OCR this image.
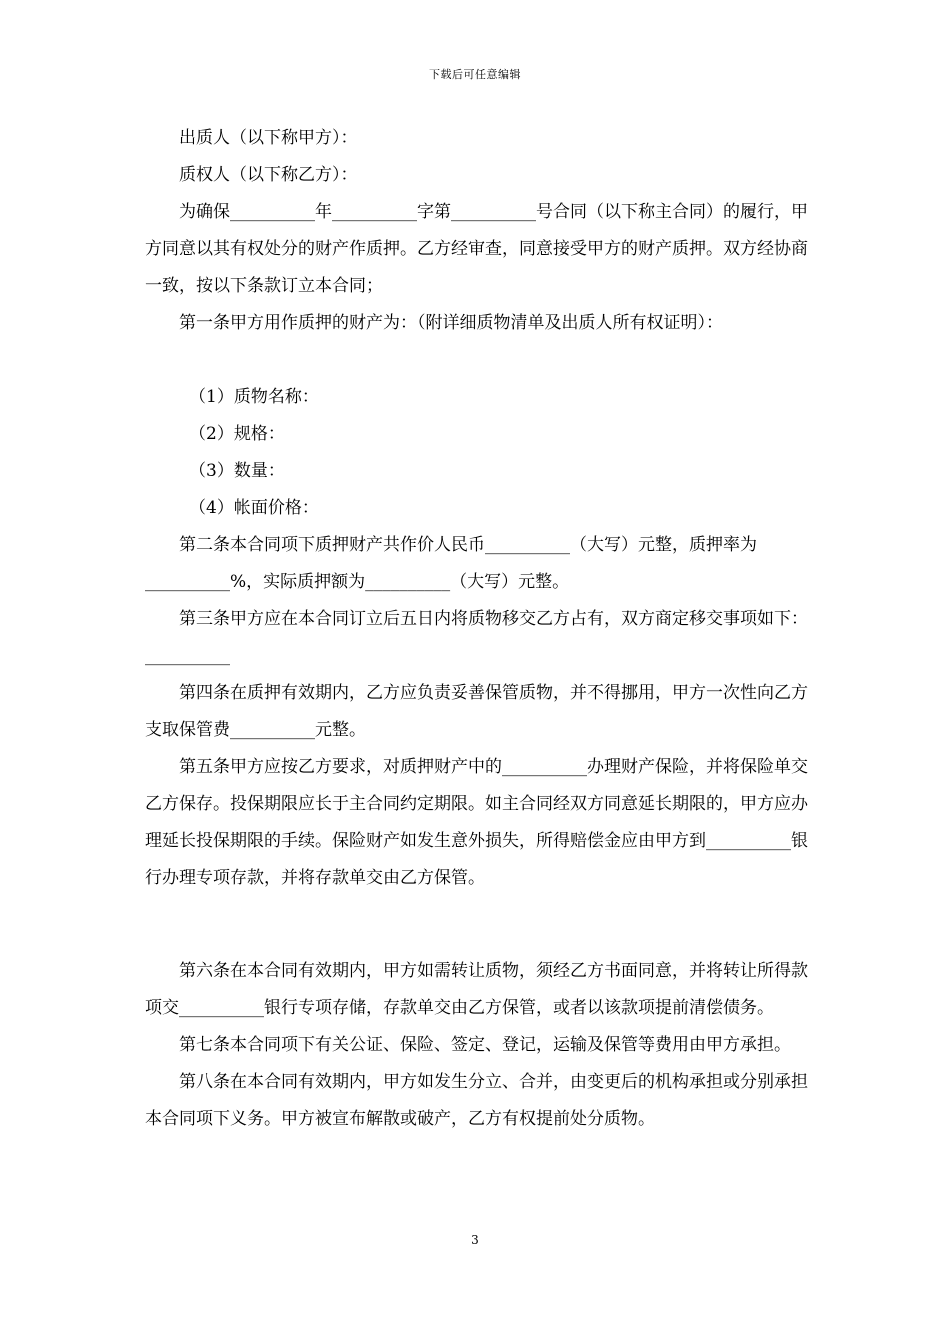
下载后可任意编辑

出质人（以下称甲方）：

质权人（以下称乙方）：

为确保__________年__________字第__________号合同（以下称主合同）的履行，甲方同意以其有权处分的财产作质押。乙方经审查，同意接受甲方的财产质押。双方经协商一致，按以下条款订立本合同；

第一条甲方用作质押的财产为：（附详细质物清单及出质人所有权证明）：

（1）质物名称：

（2）规格：

（3）数量：

（4）帐面价格：

第二条本合同项下质押财产共作价人民币__________（大写）元整，质押率为__________%，实际质押额为__________（大写）元整。

第三条甲方应在本合同订立后五日内将质物移交乙方占有，双方商定移交事项如下：__________

第四条在质押有效期内，乙方应负责妥善保管质物，并不得挪用，甲方一次性向乙方支取保管费__________元整。

第五条甲方应按乙方要求，对质押财产中的__________办理财产保险，并将保险单交乙方保存。投保期限应长于主合同约定期限。如主合同经双方同意延长期限的，甲方应办理延长投保期限的手续。保险财产如发生意外损失，所得赔偿金应由甲方到__________银行办理专项存款，并将存款单交由乙方保管。

第六条在本合同有效期内，甲方如需转让质物，须经乙方书面同意，并将转让所得款项交__________银行专项存储，存款单交由乙方保管，或者以该款项提前清偿债务。

第七条本合同项下有关公证、保险、签定、登记，运输及保管等费用由甲方承担。

第八条在本合同有效期内，甲方如发生分立、合并，由变更后的机构承担或分别承担本合同项下义务。甲方被宣布解散或破产，乙方有权提前处分质物。

3
